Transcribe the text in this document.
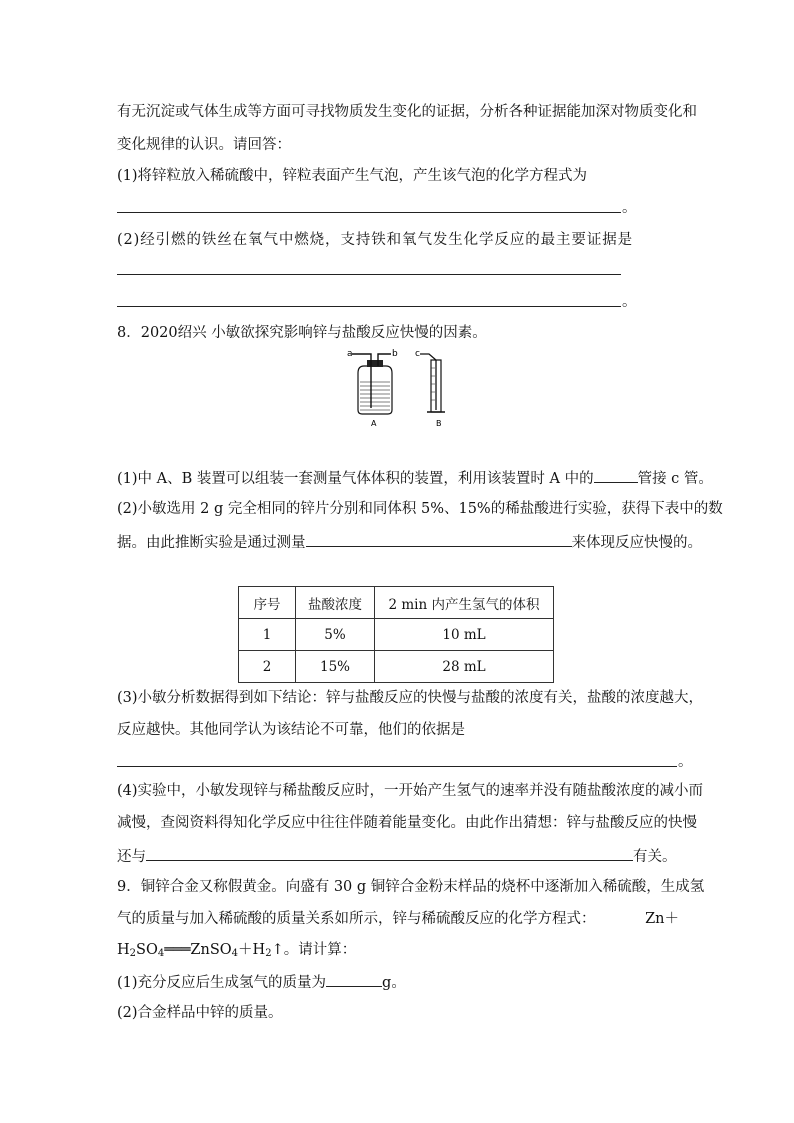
有无沉淀或气体生成等方面可寻找物质发生变化的证据，分析各种证据能加深对物质变化和
变化规律的认识。请回答：
(1)将锌粒放入稀硫酸中，锌粒表面产生气泡，产生该气泡的化学方程式为
。
(2)经引燃的铁丝在氧气中燃烧，支持铁和氧气发生化学反应的最主要证据是
。
8．2020绍兴 小敏欲探究影响锌与盐酸反应快慢的因素。
a	b c
A	B
(1)中 A、B 装置可以组装一套测量气体体积的装置，利用该装置时 A 中的	管接 c 管。
(2)小敏选用 2 g 完全相同的锌片分别和同体积 5%、15%的稀盐酸进行实验，获得下表中的数
据。由此推断实验是通过测量	来体现反应快慢的。
序号	盐酸浓度	2 min 内产生氢气的体积
1	5%	10 mL
2	15%	28 mL
(3)小敏分析数据得到如下结论：锌与盐酸反应的快慢与盐酸的浓度有关，盐酸的浓度越大，
反应越快。其他同学认为该结论不可靠，他们的依据是
。
(4)实验中，小敏发现锌与稀盐酸反应时，一开始产生氢气的速率并没有随盐酸浓度的减小而
减慢，查阅资料得知化学反应中往往伴随着能量变化。由此作出猜想：锌与盐酸反应的快慢
还与	有关。
9．铜锌合金又称假黄金。向盛有 30 g 铜锌合金粉末样品的烧杯中逐渐加入稀硫酸，生成氢
气的质量与加入稀硫酸的质量关系如所示，锌与稀硫酸反应的化学方程式：	Zn＋
$H_2SO_4═══ZnSO_4+H_2↑$。请计算：
(1)充分反应后生成氢气的质量为	g。
(2)合金样品中锌的质量。
